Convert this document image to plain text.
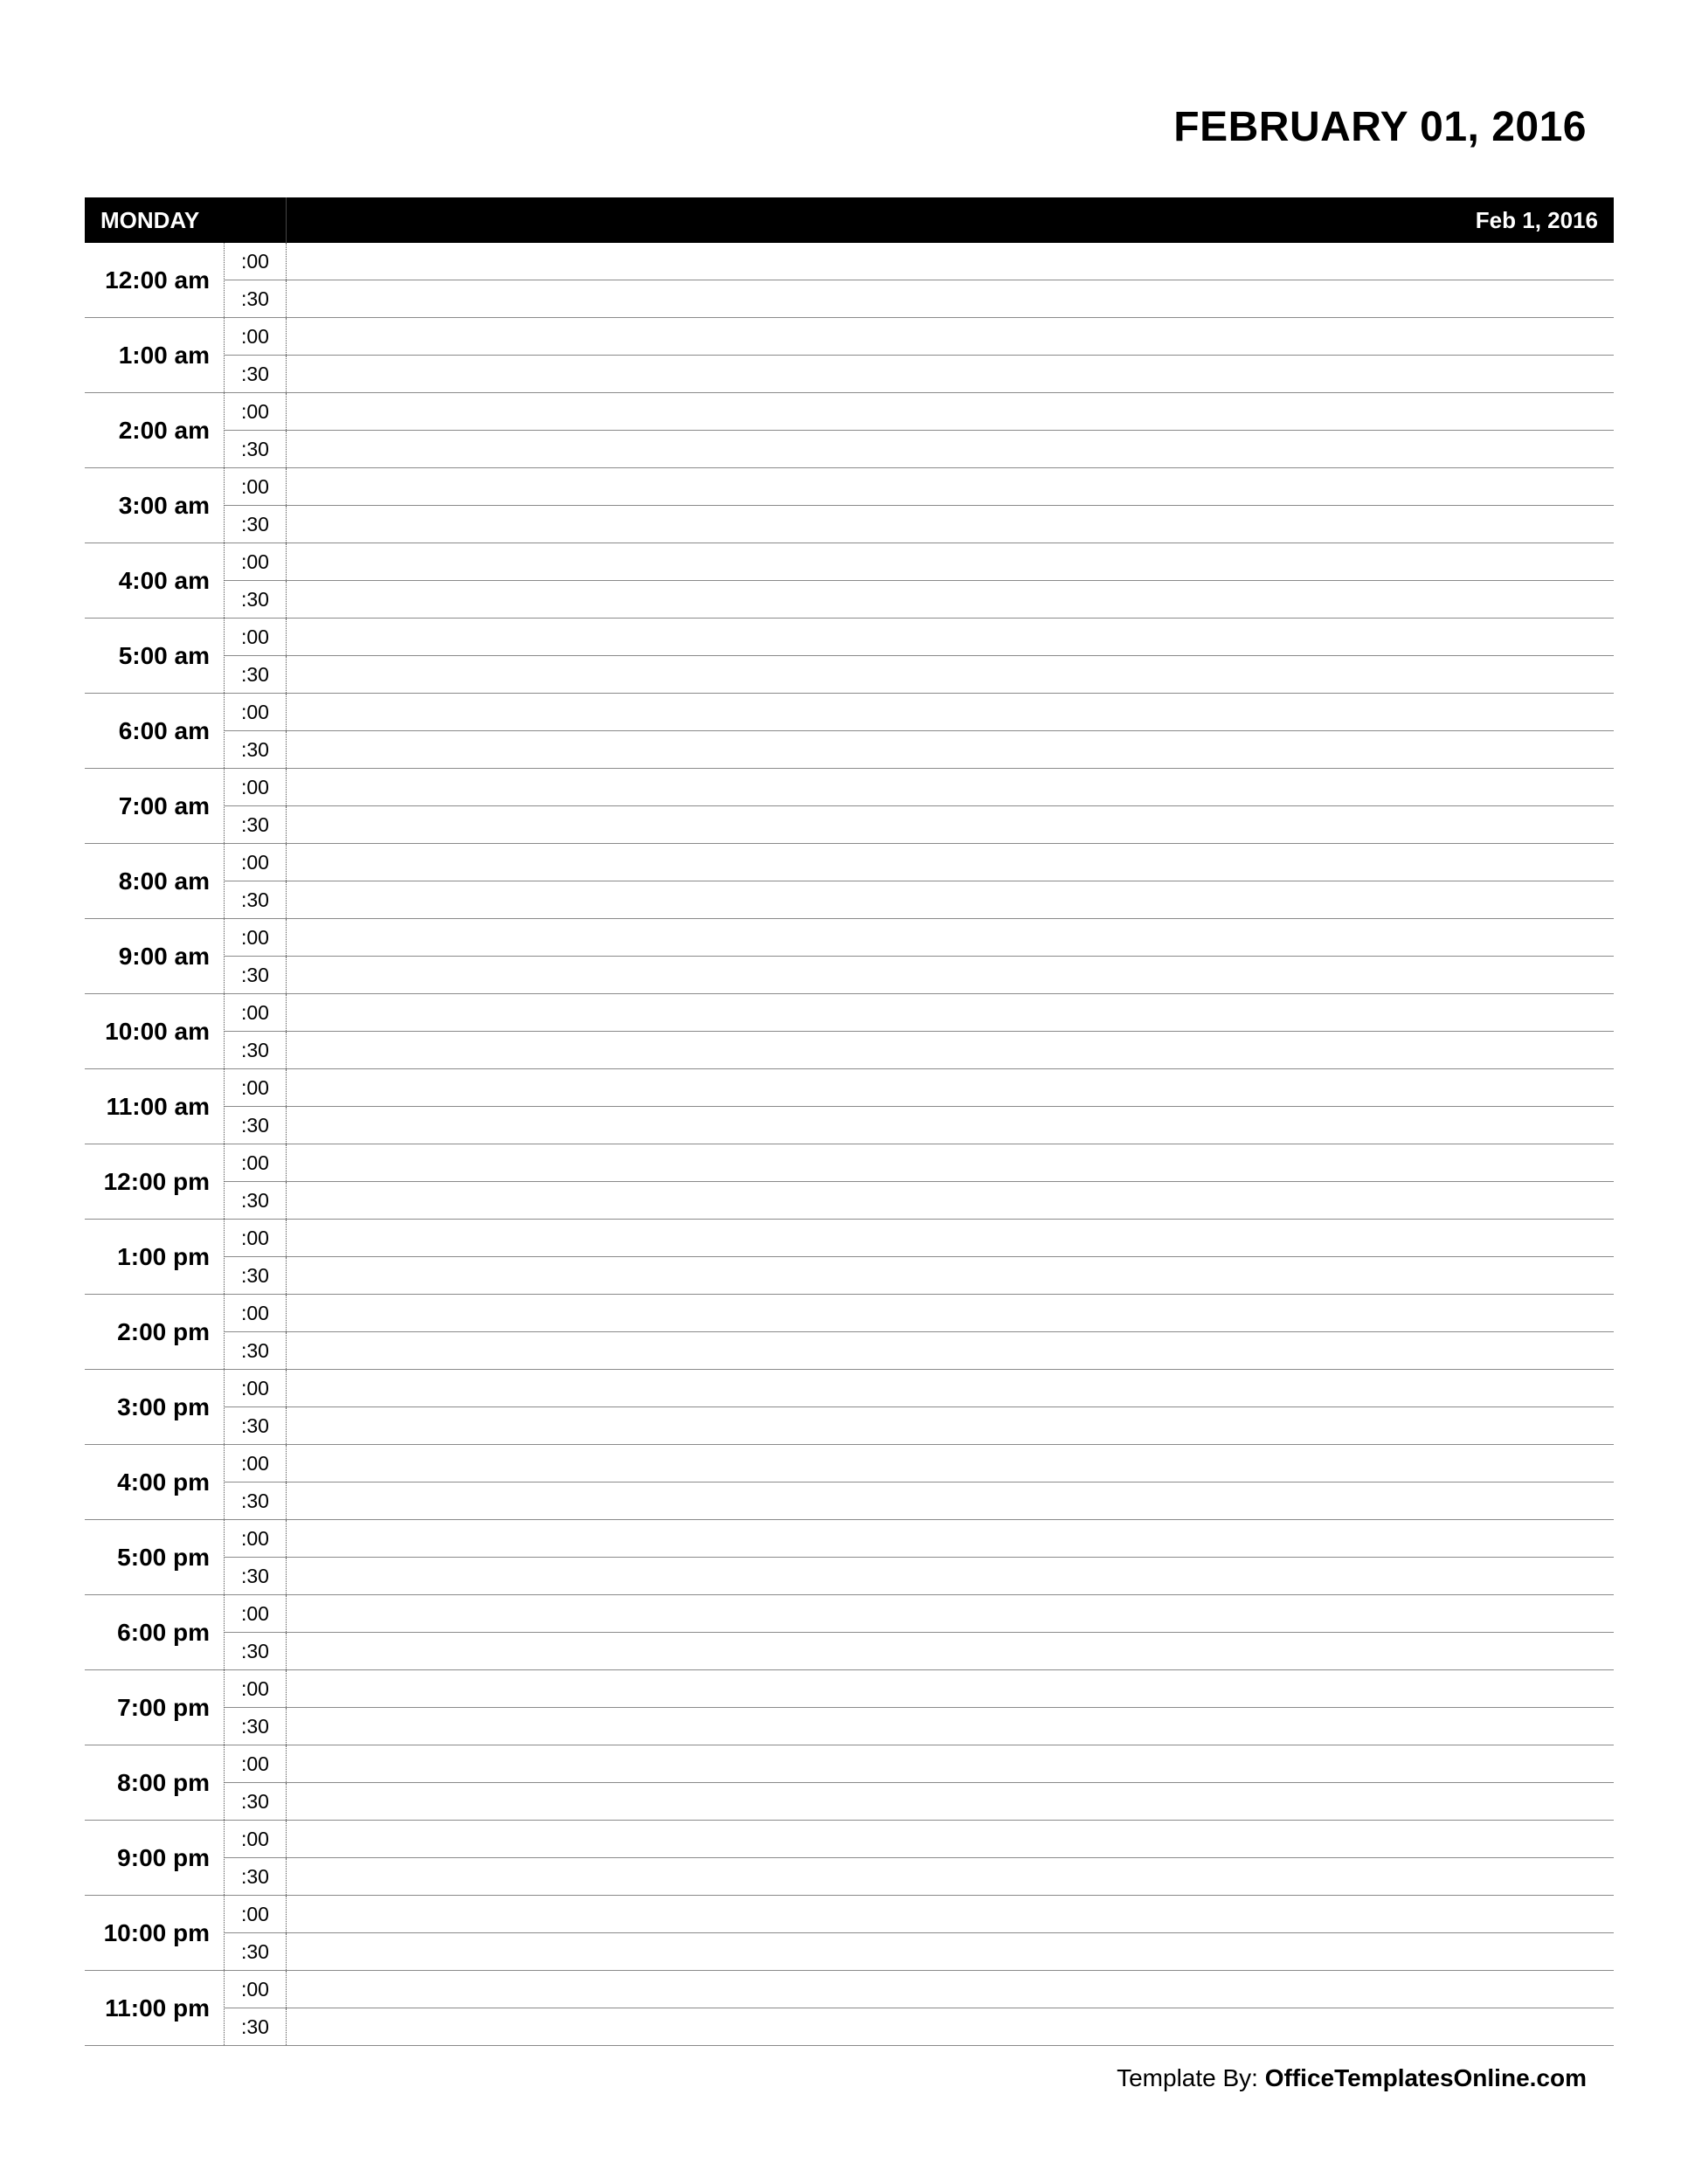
FEBRUARY 01, 2016
MONDAY	Feb 1, 2016
12:00 am
:00
:30
1:00 am
:00
:30
2:00 am
:00
:30
3:00 am
:00
:30
4:00 am
:00
:30
5:00 am
:00
:30
6:00 am
:00
:30
7:00 am
:00
:30
8:00 am
:00
:30
9:00 am
:00
:30
10:00 am
:00
:30
11:00 am
:00
:30
12:00 pm
:00
:30
1:00 pm
:00
:30
2:00 pm
:00
:30
3:00 pm
:00
:30
4:00 pm
:00
:30
5:00 pm
:00
:30
6:00 pm
:00
:30
7:00 pm
:00
:30
8:00 pm
:00
:30
9:00 pm
:00
:30
10:00 pm
:00
:30
11:00 pm
:00
:30
Template By: OfficeTemplatesOnline.com
